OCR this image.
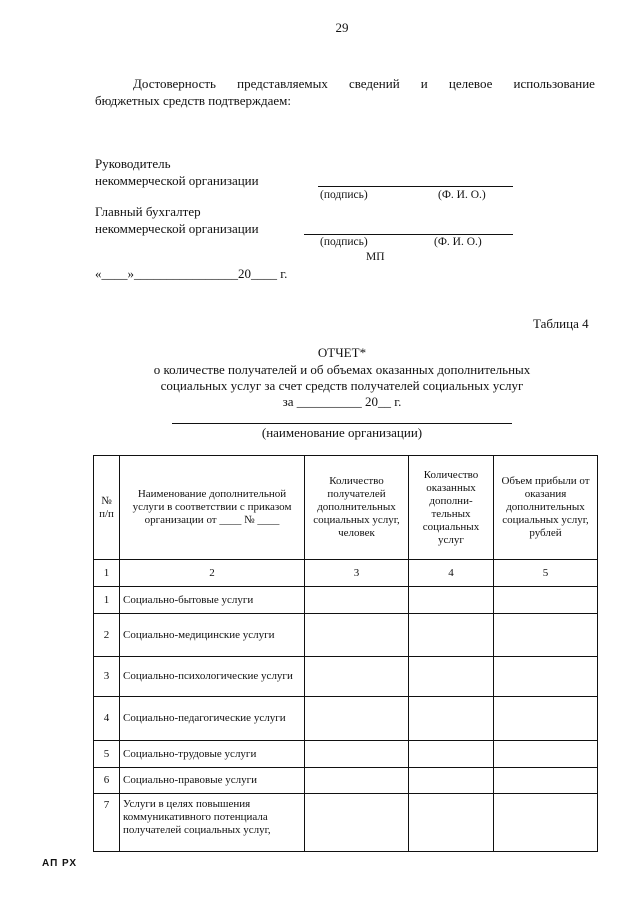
29
Достоверность представляемых сведений и целевое использование
бюджетных средств подтверждаем:
Руководитель
некоммерческой организации
(подпись)	(Ф. И. О.)
Главный бухгалтер
некоммерческой организации
(подпись)	(Ф. И. О.)
МП
«____»________________20____ г.
Таблица 4
ОТЧЕТ*
о количестве получателей и об объемах оказанных дополнительных
социальных услуг за счет средств получателей социальных услуг
за __________ 20__ г.
(наименование организации)
№ п/п	Наименование дополнительной услуги в соответствии с приказом организации от ____ № ____	Количество получателей дополнительных социальных услуг, человек	Количество оказанных дополни-тельных социальных услуг	Объем прибыли от оказания дополнительных социальных услуг, рублей
1	2	3	4	5
1	Социально-бытовые услуги			
2	Социально-медицинские услуги			
3	Социально-психологические услуги			
4	Социально-педагогические услуги			
5	Социально-трудовые услуги			
6	Социально-правовые услуги			
7	Услуги в целях повышения коммуникативного потенциала получателей социальных услуг,			
АП РХ
